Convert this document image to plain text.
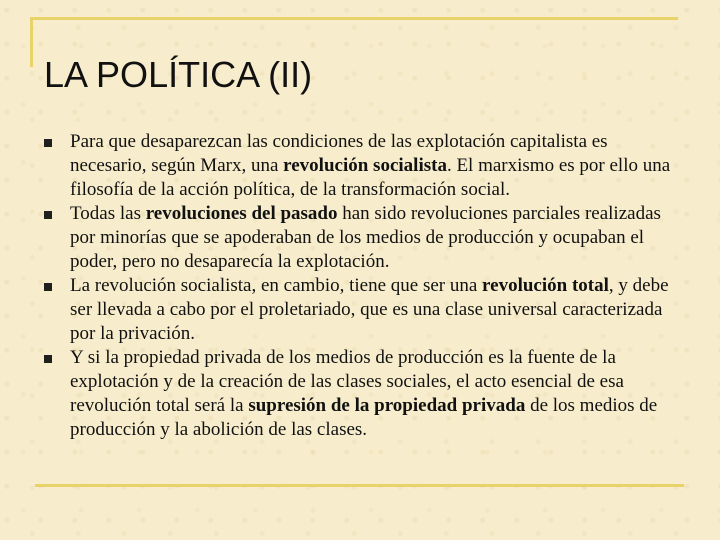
LA POLÍTICA (II)
Para que desaparezcan las condiciones de las explotación capitalista es necesario, según Marx, una revolución socialista. El marxismo es por ello una filosofía de la acción política, de la transformación social.
Todas las revoluciones del pasado han sido revoluciones parciales realizadas por minorías que se apoderaban de los medios de producción y ocupaban el poder, pero no desaparecía la explotación.
La revolución socialista, en cambio, tiene que ser una revolución total, y debe ser llevada a cabo por el proletariado, que es una clase universal caracterizada por la privación.
Y si la propiedad privada de los medios de producción es la fuente de la explotación y de la creación de las clases sociales, el acto esencial de esa revolución total será la supresión de la propiedad privada de los medios de producción y la abolición de las clases.
